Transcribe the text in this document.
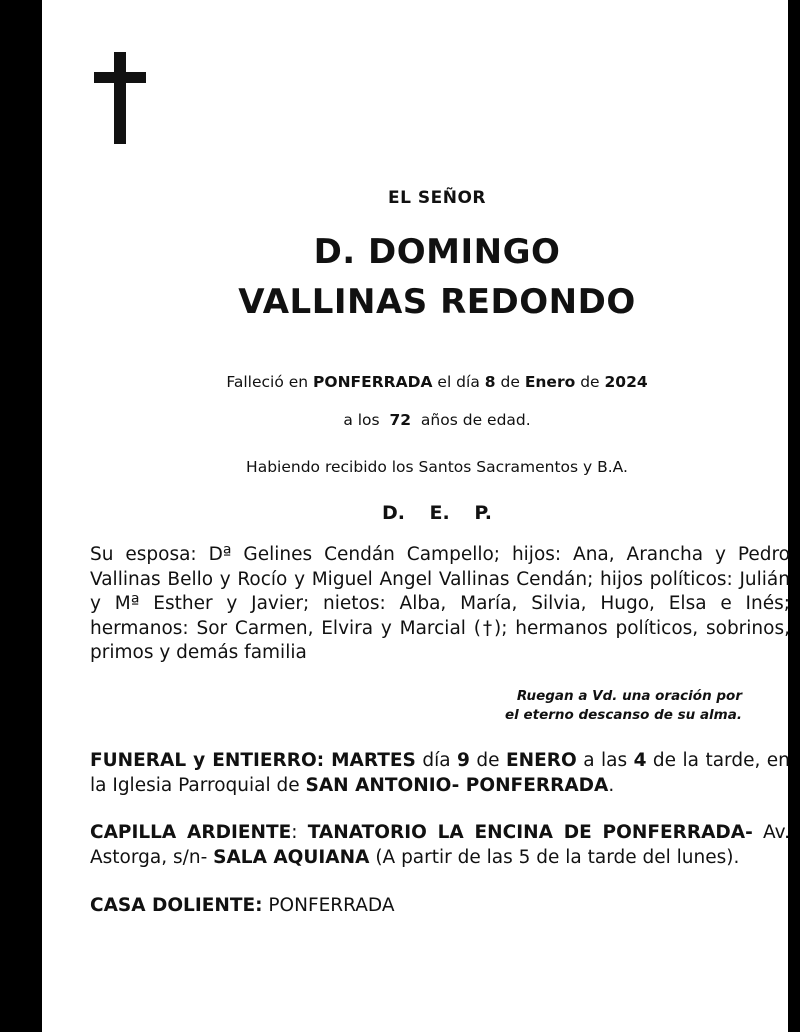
EL SEÑOR
D. DOMINGO
VALLINAS REDONDO
Falleció en PONFERRADA el día 8 de Enero de 2024
a los 72 años de edad.
Habiendo recibido los Santos Sacramentos y B.A.
D. E. P.
Su esposa: Dª Gelines Cendán Campello; hijos: Ana, Arancha y Pedro Vallinas Bello y Rocío y Miguel Angel Vallinas Cendán; hijos políticos: Julián y Mª Esther y Javier; nietos: Alba, María, Silvia, Hugo, Elsa e Inés; hermanos: Sor Carmen, Elvira y Marcial (†); hermanos políticos, sobrinos, primos y demás familia
Ruegan a Vd. una oración por
el eterno descanso de su alma.
FUNERAL y ENTIERRO: MARTES día 9 de ENERO a las 4 de la tarde, en la Iglesia Parroquial de SAN ANTONIO- PONFERRADA.
CAPILLA ARDIENTE: TANATORIO LA ENCINA DE PONFERRADA- Av. Astorga, s/n- SALA AQUIANA (A partir de las 5 de la tarde del lunes).
CASA DOLIENTE: PONFERRADA
